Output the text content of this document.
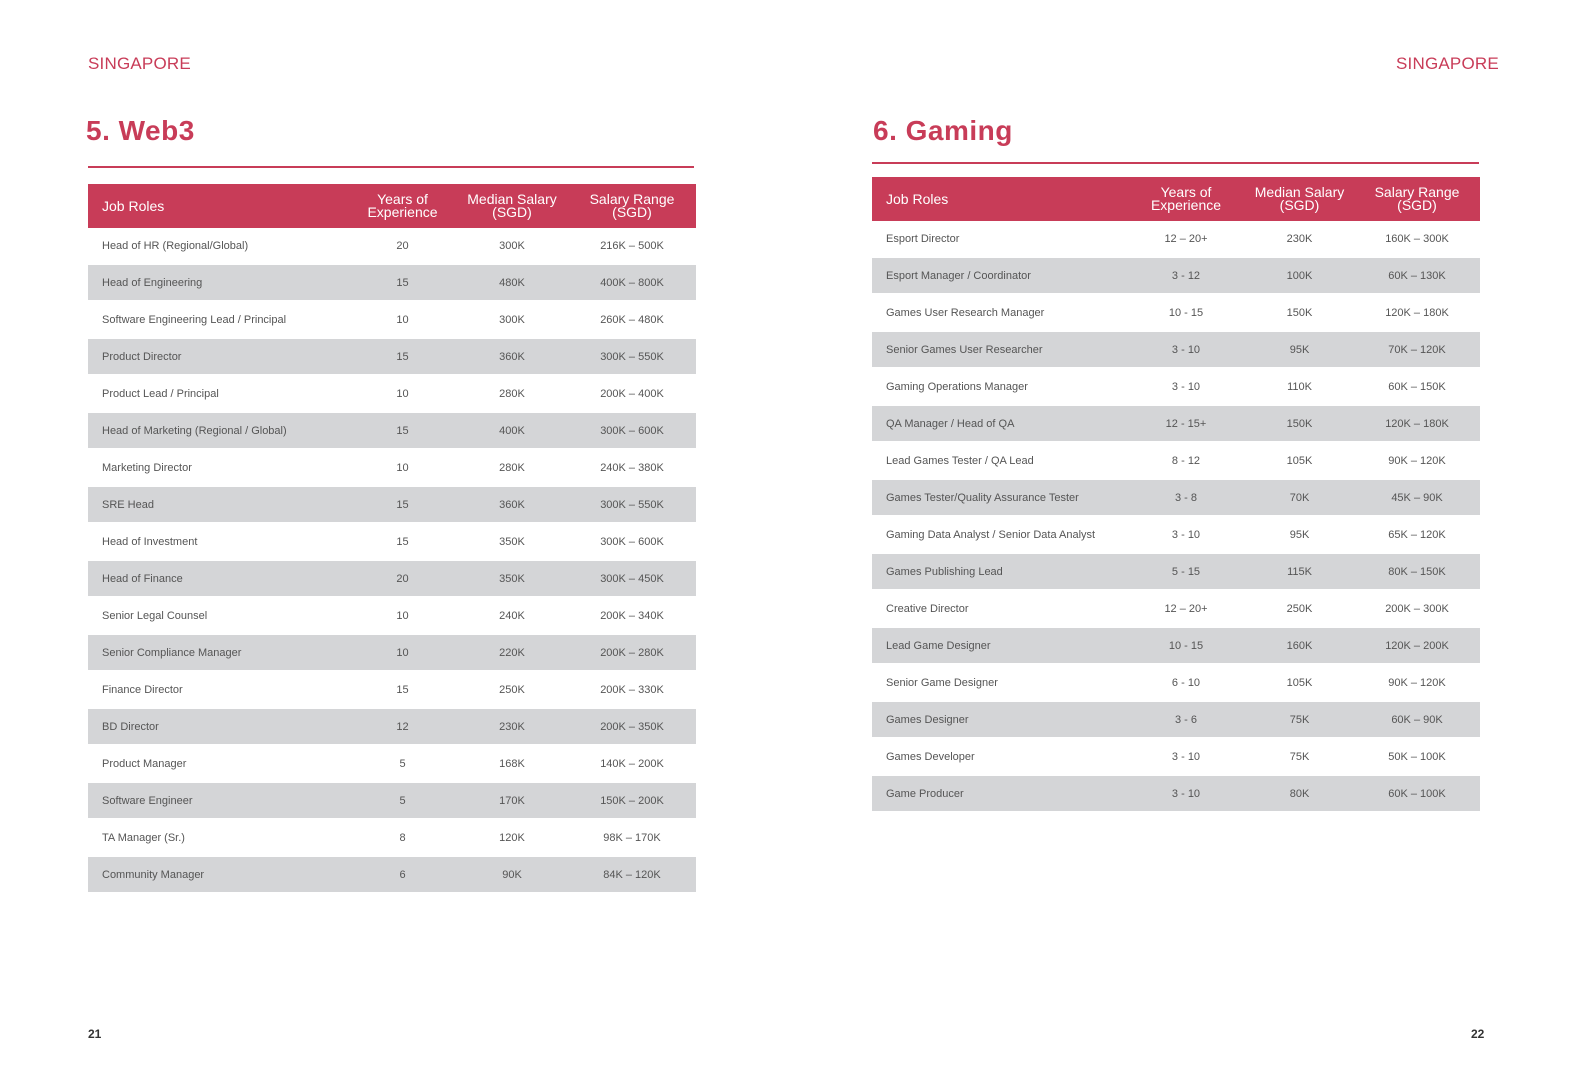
SINGAPORE
5. Web3
Job Roles	Years of Experience	Median Salary (SGD)	Salary Range (SGD)
Head of HR (Regional/Global)	20	300K	216K – 500K
Head of Engineering	15	480K	400K – 800K
Software Engineering Lead / Principal	10	300K	260K – 480K
Product Director	15	360K	300K – 550K
Product Lead / Principal	10	280K	200K – 400K
Head of Marketing (Regional / Global)	15	400K	300K – 600K
Marketing Director	10	280K	240K – 380K
SRE Head	15	360K	300K – 550K
Head of Investment	15	350K	300K – 600K
Head of Finance	20	350K	300K – 450K
Senior Legal Counsel	10	240K	200K – 340K
Senior Compliance Manager	10	220K	200K – 280K
Finance Director	15	250K	200K – 330K
BD Director	12	230K	200K – 350K
Product Manager	5	168K	140K – 200K
Software Engineer	5	170K	150K – 200K
TA Manager (Sr.)	8	120K	98K – 170K
Community Manager	6	90K	84K – 120K
21
SINGAPORE
6. Gaming
Job Roles	Years of Experience	Median Salary (SGD)	Salary Range (SGD)
Esport Director	12 – 20+	230K	160K – 300K
Esport Manager / Coordinator	3 - 12	100K	60K – 130K
Games User Research Manager	10 - 15	150K	120K – 180K
Senior Games User Researcher	3 - 10	95K	70K – 120K
Gaming Operations Manager	3 - 10	110K	60K – 150K
QA Manager / Head of QA	12 - 15+	150K	120K – 180K
Lead Games Tester / QA Lead	8 - 12	105K	90K – 120K
Games Tester/Quality Assurance Tester	3 - 8	70K	45K – 90K
Gaming Data Analyst / Senior Data Analyst	3 - 10	95K	65K – 120K
Games Publishing Lead	5 - 15	115K	80K – 150K
Creative Director	12 – 20+	250K	200K – 300K
Lead Game Designer	10 - 15	160K	120K – 200K
Senior Game Designer	6 - 10	105K	90K – 120K
Games Designer	3 - 6	75K	60K – 90K
Games Developer	3 - 10	75K	50K – 100K
Game Producer	3 - 10	80K	60K – 100K
22
